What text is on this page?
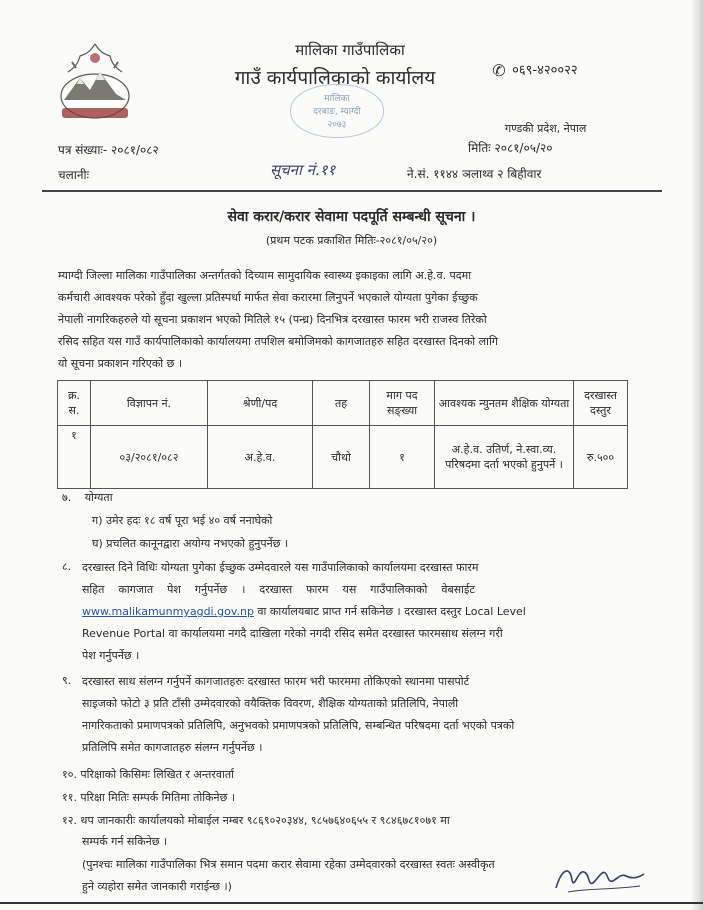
मालिका गाउँपालिका
गाउँ कार्यपालिकाको कार्यालय
मालिका
दरबाङ, म्याग्दी
२०७३
✆ ०६९-४२००२२
गण्डकी प्रदेश, नेपाल
पत्र संख्याः- २०८१/०८२	मितिः २०८१/०५/२०
चलानीः	सूचना नं.११	ने.सं. ११४४ ञलाथ्व २ बिहीवार
सेवा करार/करार सेवामा पदपूर्ति सम्बन्धी सूचना ।
(प्रथम पटक प्रकाशित मितिः-२०८१/०५/२०)
म्याग्दी जिल्ला मालिका गाउँपालिका अन्तर्गतको दिच्याम सामुदायिक स्वास्थ्य इकाइका लागि अ.हे.व. पदमा
कर्मचारी आवश्यक परेको हुँदा खुल्ला प्रतिस्पर्धा मार्फत सेवा करारमा लिनुपर्ने भएकाले योग्यता पुगेका ईच्छुक
नेपाली नागरिकहरुले यो सूचना प्रकाशन भएको मितिले १५ (पन्ध्र) दिनभित्र दरखास्त फारम भरी राजस्व तिरेको
रसिद सहित यस गाउँ कार्यपालिकाको कार्यालयमा तपशिल बमोजिमको कागजातहरु सहित दरखास्त दिनको लागि
यो सूचना प्रकाशन गरिएको छ ।
क्र. स.	विज्ञापन नं.	श्रेणी/पद	तह	माग पद सङ्ख्या	आवश्यक न्युनतम शैक्षिक योग्यता	दरखास्त दस्तुर
१	०३/२०८१/०८२	अ.हे.व.	चौथो	१	अ.हे.व. उतिर्ण, ने.स्वा.व्य. परिषदमा दर्ता भएको हुनुपर्ने ।	रु.५००
७. योग्यता
ग) उमेर हदः १८ वर्ष पूरा भई ४० वर्ष ननाघेको
घ) प्रचलित कानूनद्वारा अयोग्य नभएको हुनुपर्नेछ ।
८. दरखास्त दिने विधिः योग्यता पुगेका ईच्छुक उम्मेदवारले यस गाउँपालिकाको कार्यालयमा दरखास्त फारम
सहित    कागजात    पेश    गर्नुपर्नेछ    ।    दरखास्त    फारम    यस    गाउँपालिकाको    वेबसाईट
www.malikamunmyagdi.gov.np वा कार्यालयबाट प्राप्त गर्न सकिनेछ । दरखास्त दस्तुर Local Level
Revenue Portal वा कार्यालयमा नगदै दाखिला गरेको नगदी रसिद समेत दरखास्त फारमसाथ संलग्न गरी
पेश गर्नुपर्नेछ ।
९. दरखास्त साथ संलग्न गर्नुपर्ने कागजातहरुः दरखास्त फारम भरी फारममा तोकिएको स्थानमा पासपोर्ट
साइजको फोटो ३ प्रति टाँसी उम्मेदवारको वयैक्तिक विवरण, शैक्षिक योग्यताको प्रतिलिपि, नेपाली
नागरिकताको प्रमाणपत्रको प्रतिलिपि, अनुभवको प्रमाणपत्रको प्रतिलिपि, सम्बन्धित परिषदमा दर्ता भएको पत्रको
प्रतिलिपि समेत कागजातहरु संलग्न गर्नुपर्नेछ ।
१०. परिक्षाको किसिमः लिखित र अन्तरवार्ता
११. परिक्षा मितिः सम्पर्क मितिमा तोकिनेछ ।
१२. थप जानकारीः कार्यालयको मोबाईल नम्बर ९८६९०२०३४४, ९८५७६४०६५५ र ९८४६७८१०७१ मा
सम्पर्क गर्न सकिनेछ ।
(पुनश्चः मालिका गाउँपालिका भित्र समान पदमा करार सेवामा रहेका उम्मेदवारको दरखास्त स्वतः अस्वीकृत
हुने व्यहोरा समेत जानकारी गराईन्छ ।)
